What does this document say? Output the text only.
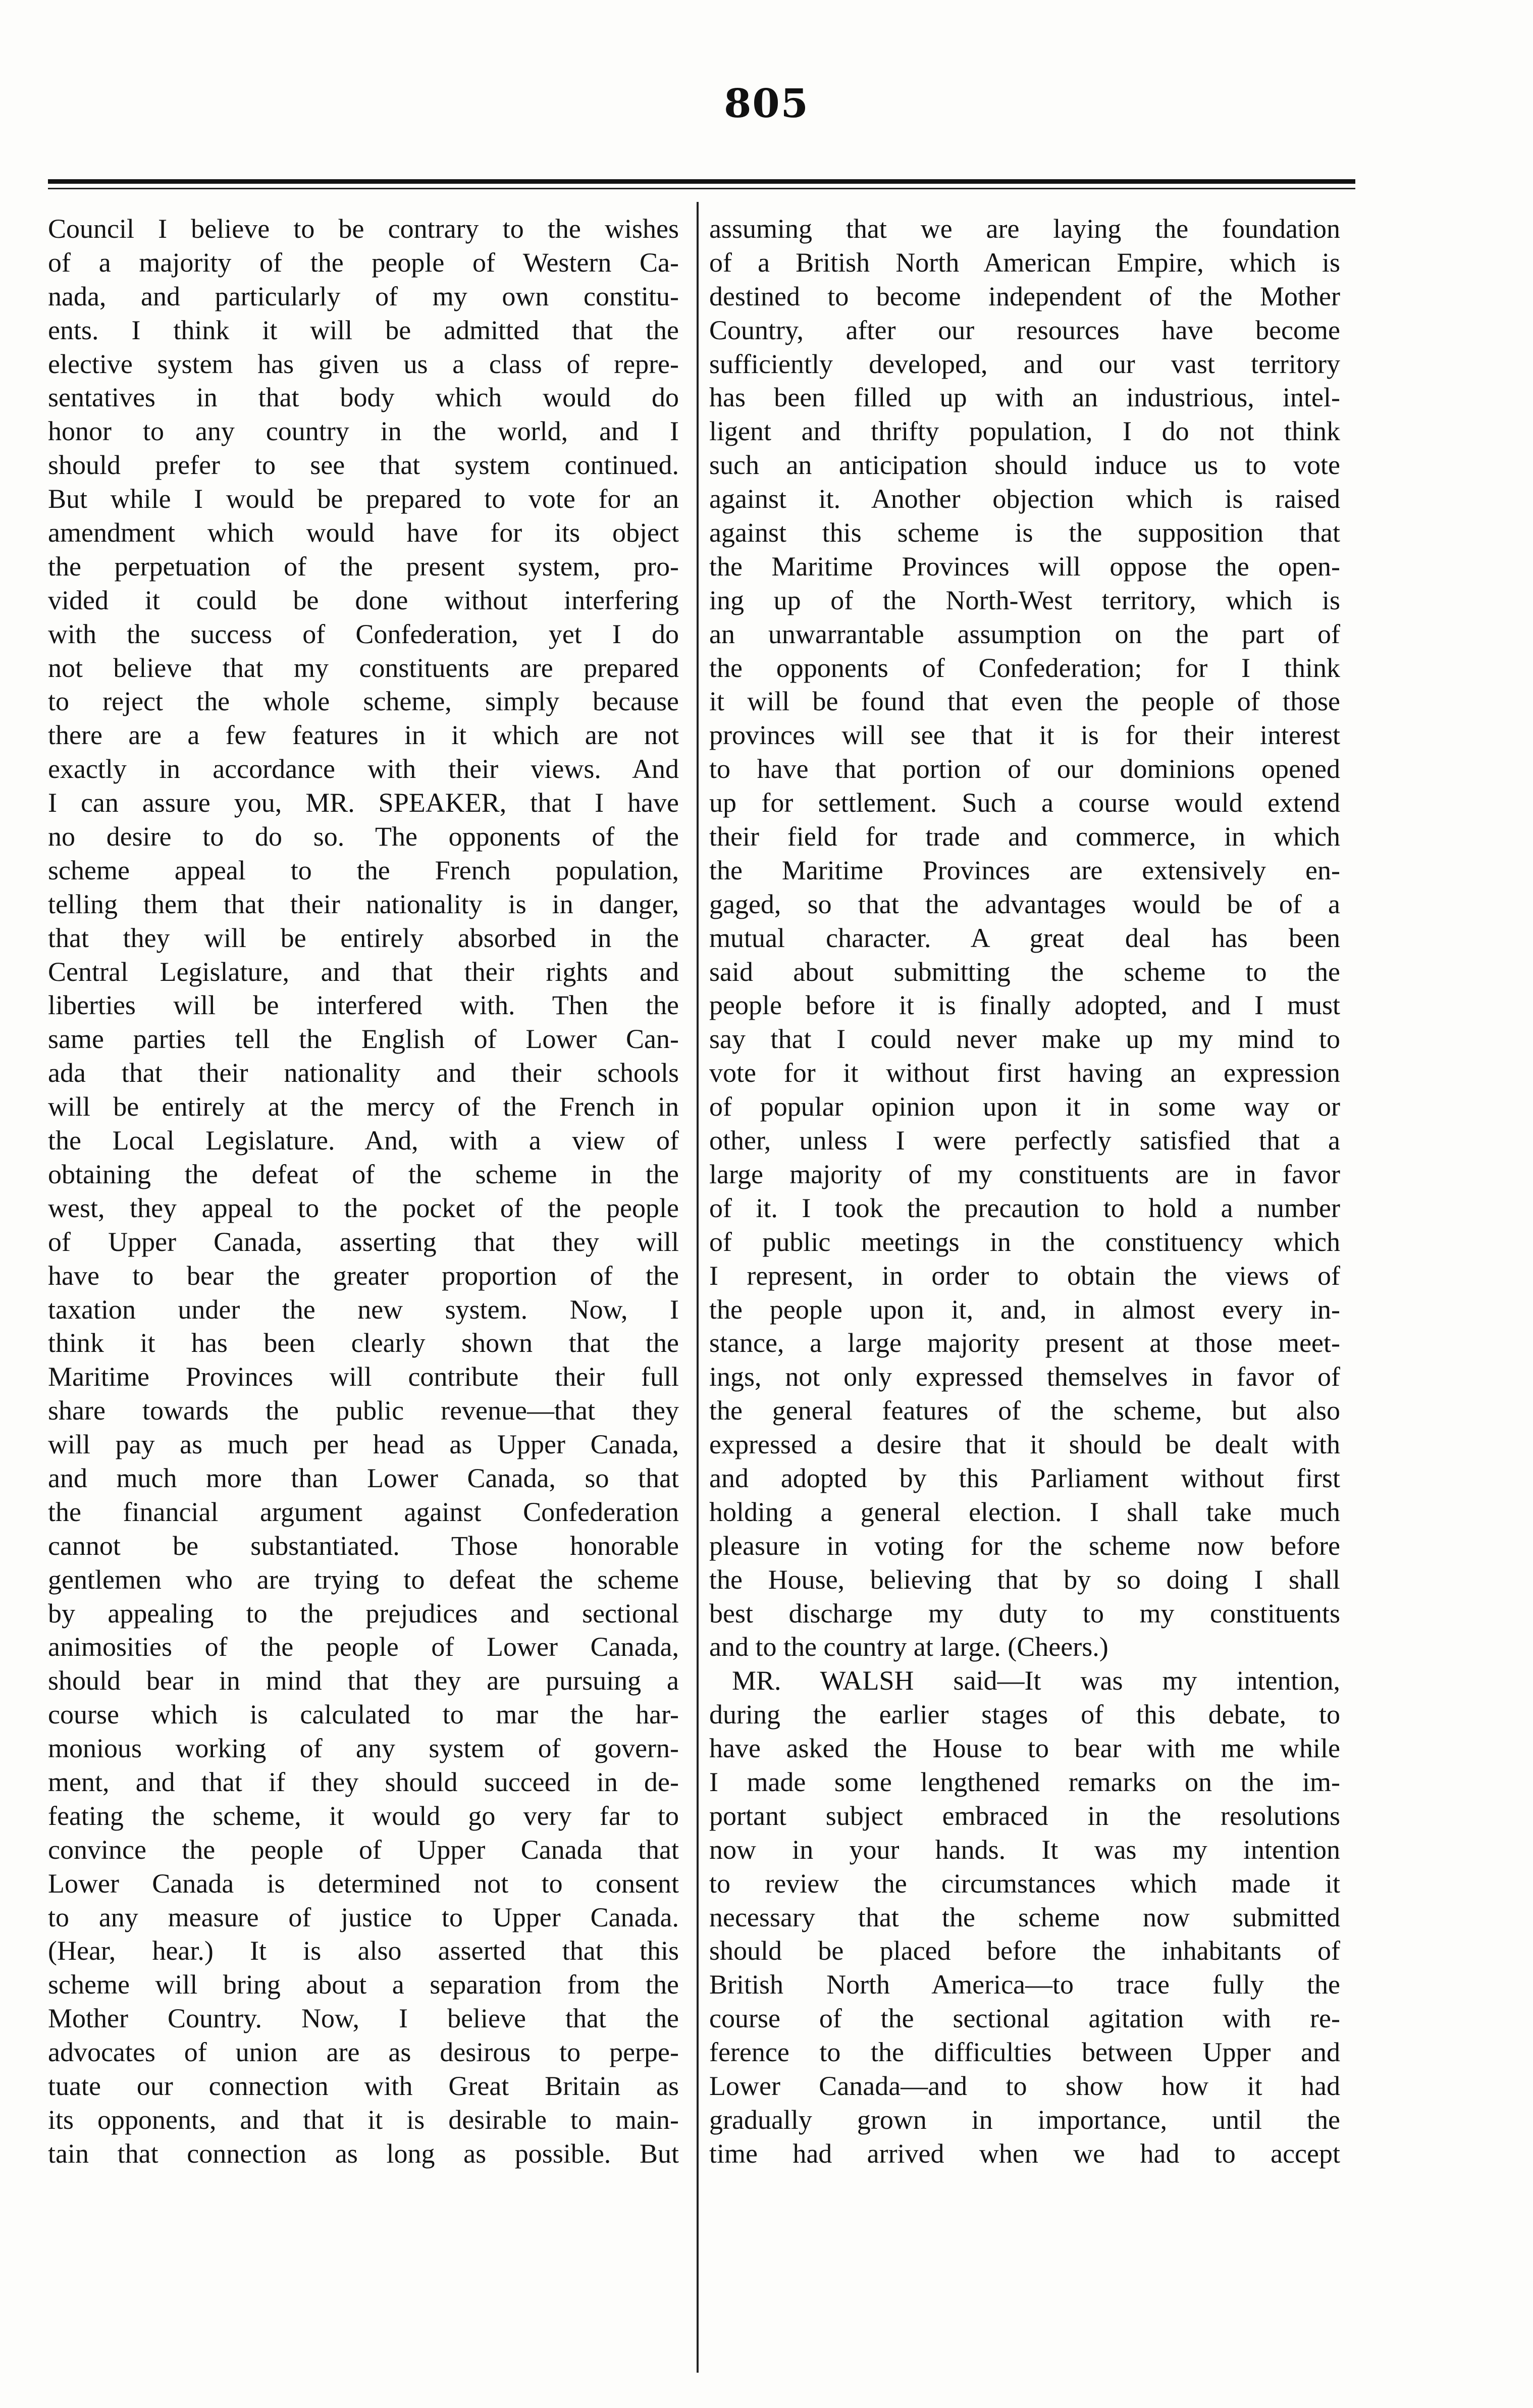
805
Council I believe to be contrary to the wishes
of a majority of the people of Western Ca-
nada, and particularly of my own constitu-
ents. I think it will be admitted that the
elective system has given us a class of repre-
sentatives in that body which would do
honor to any country in the world, and I
should prefer to see that system continued.
But while I would be prepared to vote for an
amendment which would have for its object
the perpetuation of the present system, pro-
vided it could be done without interfering
with the success of Confederation, yet I do
not believe that my constituents are prepared
to reject the whole scheme, simply because
there are a few features in it which are not
exactly in accordance with their views. And
I can assure you, MR. SPEAKER, that I have
no desire to do so. The opponents of the
scheme appeal to the French population,
telling them that their nationality is in danger,
that they will be entirely absorbed in the
Central Legislature, and that their rights and
liberties will be interfered with. Then the
same parties tell the English of Lower Can-
ada that their nationality and their schools
will be entirely at the mercy of the French in
the Local Legislature. And, with a view of
obtaining the defeat of the scheme in the
west, they appeal to the pocket of the people
of Upper Canada, asserting that they will
have to bear the greater proportion of the
taxation under the new system. Now, I
think it has been clearly shown that the
Maritime Provinces will contribute their full
share towards the public revenue—that they
will pay as much per head as Upper Canada,
and much more than Lower Canada, so that
the financial argument against Confederation
cannot be substantiated. Those honorable
gentlemen who are trying to defeat the scheme
by appealing to the prejudices and sectional
animosities of the people of Lower Canada,
should bear in mind that they are pursuing a
course which is calculated to mar the har-
monious working of any system of govern-
ment, and that if they should succeed in de-
feating the scheme, it would go very far to
convince the people of Upper Canada that
Lower Canada is determined not to consent
to any measure of justice to Upper Canada.
(Hear, hear.) It is also asserted that this
scheme will bring about a separation from the
Mother Country. Now, I believe that the
advocates of union are as desirous to perpe-
tuate our connection with Great Britain as
its opponents, and that it is desirable to main-
tain that connection as long as possible. But
assuming that we are laying the foundation
of a British North American Empire, which is
destined to become independent of the Mother
Country, after our resources have become
sufficiently developed, and our vast territory
has been filled up with an industrious, intel-
ligent and thrifty population, I do not think
such an anticipation should induce us to vote
against it. Another objection which is raised
against this scheme is the supposition that
the Maritime Provinces will oppose the open-
ing up of the North-West territory, which is
an unwarrantable assumption on the part of
the opponents of Confederation; for I think
it will be found that even the people of those
provinces will see that it is for their interest
to have that portion of our dominions opened
up for settlement. Such a course would extend
their field for trade and commerce, in which
the Maritime Provinces are extensively en-
gaged, so that the advantages would be of a
mutual character. A great deal has been
said about submitting the scheme to the
people before it is finally adopted, and I must
say that I could never make up my mind to
vote for it without first having an expression
of popular opinion upon it in some way or
other, unless I were perfectly satisfied that a
large majority of my constituents are in favor
of it. I took the precaution to hold a number
of public meetings in the constituency which
I represent, in order to obtain the views of
the people upon it, and, in almost every in-
stance, a large majority present at those meet-
ings, not only expressed themselves in favor of
the general features of the scheme, but also
expressed a desire that it should be dealt with
and adopted by this Parliament without first
holding a general election. I shall take much
pleasure in voting for the scheme now before
the House, believing that by so doing I shall
best discharge my duty to my constituents
and to the country at large. (Cheers.)
MR. WALSH said—It was my intention,
during the earlier stages of this debate, to
have asked the House to bear with me while
I made some lengthened remarks on the im-
portant subject embraced in the resolutions
now in your hands. It was my intention
to review the circumstances which made it
necessary that the scheme now submitted
should be placed before the inhabitants of
British North America—to trace fully the
course of the sectional agitation with re-
ference to the difficulties between Upper and
Lower Canada—and to show how it had
gradually grown in importance, until the
time had arrived when we had to accept
